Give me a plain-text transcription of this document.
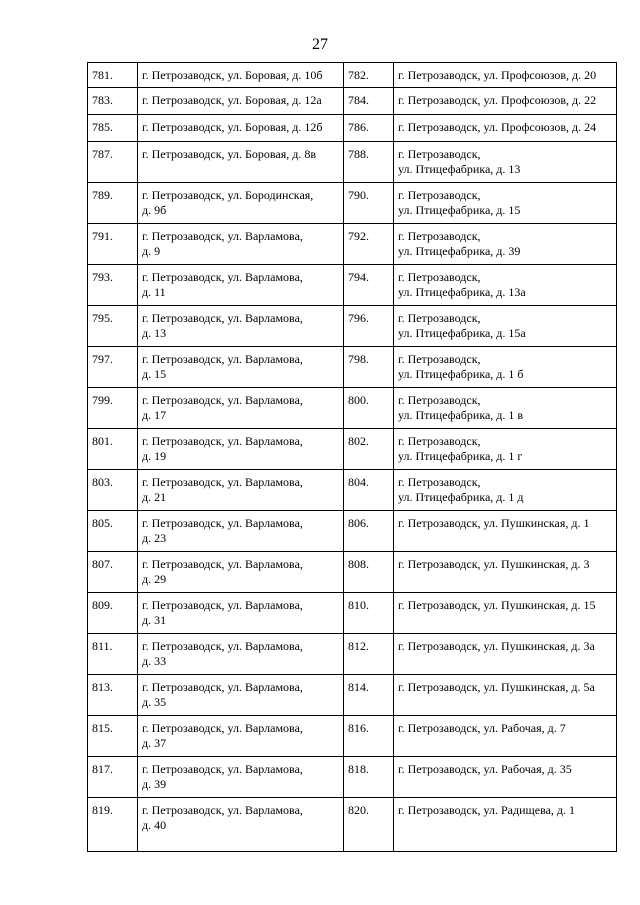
27
781.	г. Петрозаводск, ул. Боровая, д. 10б	782.	г. Петрозаводск, ул. Профсоюзов, д. 20

783.	г. Петрозаводск, ул. Боровая, д. 12а	784.	г. Петрозаводск, ул. Профсоюзов, д. 22

785.	г. Петрозаводск, ул. Боровая, д. 12б	786.	г. Петрозаводск, ул. Профсоюзов, д. 24

787.	г. Петрозаводск, ул. Боровая, д. 8в	788.	г. Петрозаводск,
ул. Птицефабрика, д. 13

789.	г. Петрозаводск, ул. Бородинская,
д. 9б	790.	г. Петрозаводск,
ул. Птицефабрика, д. 15

791.	г. Петрозаводск, ул. Варламова,
д. 9	792.	г. Петрозаводск,
ул. Птицефабрика, д. 39

793.	г. Петрозаводск, ул. Варламова,
д. 11	794.	г. Петрозаводск,
ул. Птицефабрика, д. 13а

795.	г. Петрозаводск, ул. Варламова,
д. 13	796.	г. Петрозаводск,
ул. Птицефабрика, д. 15а

797.	г. Петрозаводск, ул. Варламова,
д. 15	798.	г. Петрозаводск,
ул. Птицефабрика, д. 1 б

799.	г. Петрозаводск, ул. Варламова,
д. 17	800.	г. Петрозаводск,
ул. Птицефабрика, д. 1 в

801.	г. Петрозаводск, ул. Варламова,
д. 19	802.	г. Петрозаводск,
ул. Птицефабрика, д. 1 г

803.	г. Петрозаводск, ул. Варламова,
д. 21	804.	г. Петрозаводск,
ул. Птицефабрика, д. 1 д

805.	г. Петрозаводск, ул. Варламова,
д. 23	806.	г. Петрозаводск, ул. Пушкинская, д. 1

807.	г. Петрозаводск, ул. Варламова,
д. 29	808.	г. Петрозаводск, ул. Пушкинская, д. 3

809.	г. Петрозаводск, ул. Варламова,
д. 31	810.	г. Петрозаводск, ул. Пушкинская, д. 15

811.	г. Петрозаводск, ул. Варламова,
д. 33	812.	г. Петрозаводск, ул. Пушкинская, д. 3а

813.	г. Петрозаводск, ул. Варламова,
д. 35	814.	г. Петрозаводск, ул. Пушкинская, д. 5а

815.	г. Петрозаводск, ул. Варламова,
д. 37	816.	г. Петрозаводск, ул. Рабочая, д. 7

817.	г. Петрозаводск, ул. Варламова,
д. 39	818.	г. Петрозаводск, ул. Рабочая, д. 35

819.	г. Петрозаводск, ул. Варламова,
д. 40	820.	г. Петрозаводск, ул. Радищева, д. 1
